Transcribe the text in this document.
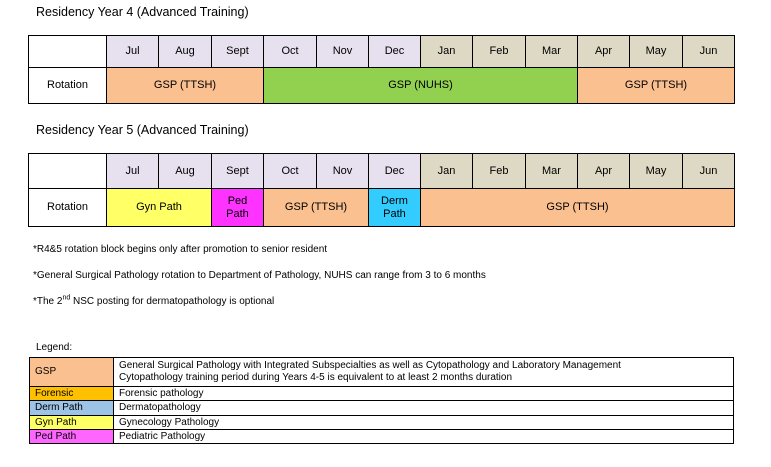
Residency Year 4 (Advanced Training)
	Jul	Aug	Sept	Oct	Nov	Dec	Jan	Feb	Mar	Apr	May	Jun
Rotation	GSP (TTSH)			GSP (NUHS)						GSP (TTSH)		
Residency Year 5 (Advanced Training)
	Jul	Aug	Sept	Oct	Nov	Dec	Jan	Feb	Mar	Apr	May	Jun
Rotation	Gyn Path		Ped Path	GSP (TTSH)		Derm Path	GSP (TTSH)					
*R4&5 rotation block begins only after promotion to senior resident
*General Surgical Pathology rotation to Department of Pathology, NUHS can range from 3 to 6 months
*The 2nd NSC posting for dermatopathology is optional
Legend:
GSP	General Surgical Pathology with Integrated Subspecialties as well as Cytopathology and Laboratory Management
Cytopathology training period during Years 4-5 is equivalent to at least 2 months duration

Forensic	Forensic pathology
Derm Path	Dermatopathology
Gyn Path	Gynecology Pathology
Ped Path	Pediatric Pathology
